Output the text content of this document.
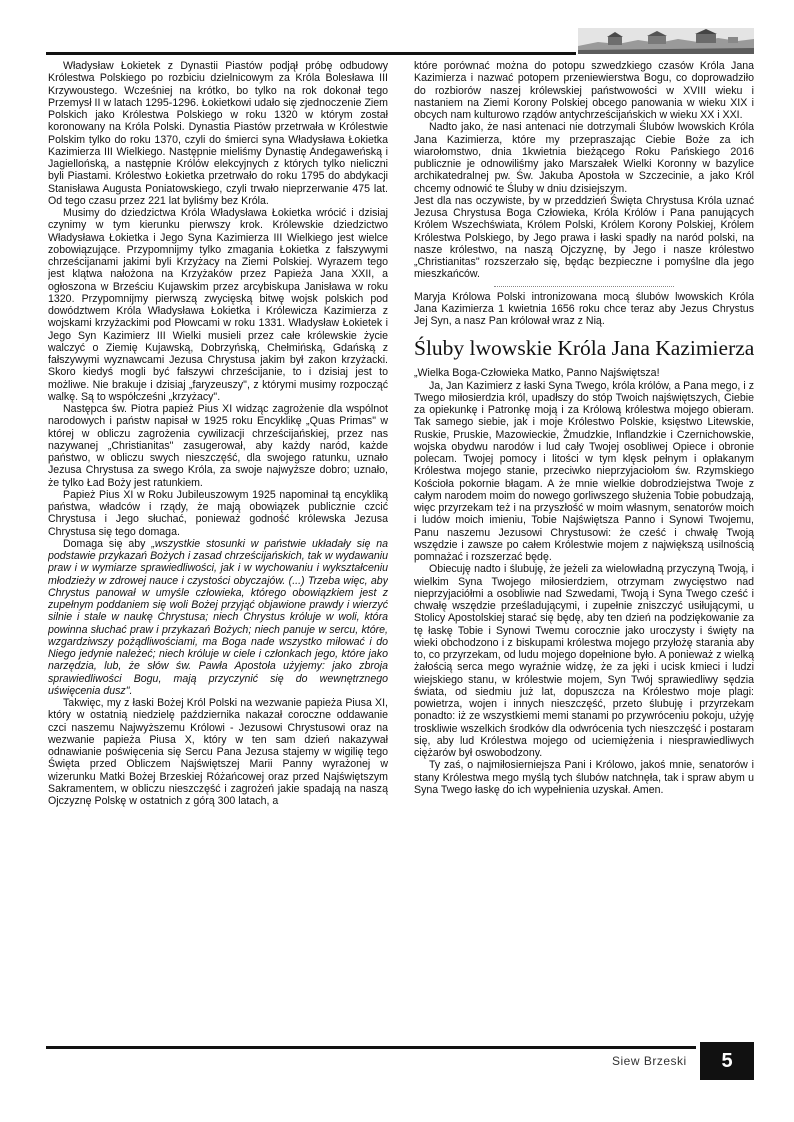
Władysław Łokietek z Dynastii Piastów podjął próbę odbudowy Królestwa Polskiego po rozbiciu dzielnicowym za Króla Bolesława III Krzywoustego. Wcześniej na krótko, bo tylko na rok dokonał tego Przemysł II w latach 1295-1296. Łokietkowi udało się zjednoczenie Ziem Polskich jako Królestwa Polskiego w roku 1320 w którym został koronowany na Króla Polski. Dynastia Piastów przetrwała w Królestwie Polskim tylko do roku 1370, czyli do śmierci syna Władysława Łokietka Kazimierza III Wielkiego. Następnie mieliśmy Dynastię Andegaweńską i Jagiellońską, a następnie Królów elekcyjnych z których tylko nieliczni byli Piastami. Królestwo Łokietka przetrwało do roku 1795 do abdykacji Stanisława Augusta Poniatowskiego, czyli trwało nieprzerwanie 475 lat. Od tego czasu przez 221 lat byliśmy bez Króla.

Musimy do dziedzictwa Króla Władysława Łokietka wrócić i dzisiaj czynimy w tym kierunku pierwszy krok. Królewskie dziedzictwo Władysława Łokietka i Jego Syna Kazimierza III Wielkiego jest wielce zobowiązujące. Przypomnijmy tylko zmagania Łokietka z fałszywymi chrześcijanami jakimi byli Krzyżacy na Ziemi Polskiej. Wyrazem tego jest klątwa nałożona na Krzyżaków przez Papieża Jana XXII, a ogłoszona w Brześciu Kujawskim przez arcybiskupa Janisława w roku 1320. Przypomnijmy pierwszą zwycięską bitwę wojsk polskich pod dowództwem Króla Władysława Łokietka i Królewicza Kazimierza z wojskami krzyżackimi pod Płowcami w roku 1331. Władysław Łokietek i Jego Syn Kazimierz III Wielki musieli przez całe królewskie życie walczyć o Ziemię Kujawską, Dobrzyńską, Chełmińską, Gdańską z fałszywymi wyznawcami Jezusa Chrystusa jakim był zakon krzyżacki. Skoro kiedyś mogli być fałszywi chrześcijanie, to i dzisiaj jest to możliwe. Nie brakuje i dzisiaj „faryzeuszy", z którymi musimy rozpocząć walkę. Są to współcześni „krzyżacy".

Następca św. Piotra papież Pius XI widząc zagrożenie dla wspólnot narodowych i państw napisał w 1925 roku Encyklikę „Quas Primas" w której w obliczu zagrożenia cywilizacji chrześcijańskiej, przez nas nazywanej „Christianitas" zasugerował, aby każdy naród, każde państwo, w obliczu swych nieszczęść, dla swojego ratunku, uznało Jezusa Chrystusa za swego Króla, za swoje najwyższe dobro; uznało, że tylko Ład Boży jest ratunkiem.

Papież Pius XI w Roku Jubileuszowym 1925 napominał tą encykliką państwa, władców i rządy, że mają obowiązek publicznie czcić Chrystusa i Jego słuchać, ponieważ godność królewska Jezusa Chrystusa się tego domaga.

Domaga się aby „wszystkie stosunki w państwie układały się na podstawie przykazań Bożych i zasad chrześcijańskich, tak w wydawaniu praw i w wymiarze sprawiedliwości, jak i w wychowaniu i wykształceniu młodzieży w zdrowej nauce i czystości obyczajów. (...) Trzeba więc, aby Chrystus panował w umyśle człowieka, którego obowiązkiem jest z zupełnym poddaniem się woli Bożej przyjąć objawione prawdy i wierzyć silnie i stale w naukę Chrystusa; niech Chrystus króluje w woli, która powinna słuchać praw i przykazań Bożych; niech panuje w sercu, które, wzgardziwszy pożądliwościami, ma Boga nade wszystko miłować i do Niego jedynie należeć; niech króluje w ciele i członkach jego, które jako narzędzia, lub, że słów św. Pawła Apostoła użyjemy: jako zbroja sprawiedliwości Bogu, mają przyczynić się do wewnętrznego uświęcenia dusz".

Takwięc, my z łaski Bożej Król Polski na wezwanie papieża Piusa XI, który w ostatnią niedzielę października nakazał coroczne oddawanie czci naszemu Najwyższemu Królowi - Jezusowi Chrystusowi oraz na wezwanie papieża Piusa X, który w ten sam dzień nakazywał odnawianie poświęcenia się Sercu Pana Jezusa stajemy w wigilię tego Święta przed Obliczem Najświętszej Marii Panny wyrażonej w wizerunku Matki Bożej Brzeskiej Różańcowej oraz przed Najświętszym Sakramentem, w obliczu nieszczęść i zagrożeń jakie spadają na naszą Ojczyznę Polskę w ostatnich z górą 300 latach, a

które porównać można do potopu szwedzkiego czasów Króla Jana Kazimierza i nazwać potopem przeniewierstwa Bogu, co doprowadziło do rozbiorów naszej królewskiej państwowości w XVIII wieku i nastaniem na Ziemi Korony Polskiej obcego panowania w wieku XIX i obcych nam kulturowo rządów antychrześcijańskich w wieku XX i XXI.

Nadto jako, że nasi antenaci nie dotrzymali Ślubów lwowskich Króla Jana Kazimierza, które my przepraszając Ciebie Boże za ich wiarołomstwo, dnia 1kwietnia bieżącego Roku Pańskiego 2016 publicznie je odnowiliśmy jako Marszałek Wielki Koronny w bazylice archikatedralnej pw. Św. Jakuba Apostoła w Szczecinie, a jako Król chcemy odnowić te Śluby w dniu dzisiejszym.

Jest dla nas oczywiste, by w przeddzień Święta Chrystusa Króla uznać Jezusa Chrystusa Boga Człowieka, Króla Królów i Pana panujących Królem Wszechświata, Królem Polski, Królem Korony Polskiej, Królem Królestwa Polskiego, by Jego prawa i łaski spadły na naród polski, na nasze królestwo, na naszą Ojczyznę, by Jego i nasze królestwo „Christianitas" rozszerzało się, będąc bezpieczne i pomyślne dla jego mieszkańców.

Maryja Królowa Polski intronizowana mocą ślubów lwowskich Króla Jana Kazimierza 1 kwietnia 1656 roku chce teraz aby Jezus Chrystus Jej Syn, a nasz Pan królował wraz z Nią.

Śluby lwowskie Króla Jana Kazimierza

„Wielka Boga-Człowieka Matko, Panno Najświętsza!

Ja, Jan Kazimierz z łaski Syna Twego, króla królów, a Pana mego, i z Twego miłosierdzia król, upadłszy do stóp Twoich najświętszych, Ciebie za opiekunkę i Patronkę moją i za Królową królestwa mojego obieram. Tak samego siebie, jak i moje Królestwo Polskie, księstwo Litewskie, Ruskie, Pruskie, Mazowieckie, Żmudzkie, Inflandzkie i Czernichowskie, wojska obydwu narodów i lud cały Twojej osobliwej Opiece i obronie polecam. Twojej pomocy i litości w tym klęsk pełnym i opłakanym Królestwa mojego stanie, przeciwko nieprzyjaciołom św. Rzymskiego Kościoła pokornie błagam. A że mnie wielkie dobrodziejstwa Twoje z całym narodem moim do nowego gorliwszego służenia Tobie pobudzają, więc przyrzekam też i na przyszłość w moim własnym, senatorów moich i ludów moich imieniu, Tobie Najświętsza Panno i Synowi Twojemu, Panu naszemu Jezusowi Chrystusowi: że cześć i chwałę Twoją wszędzie i zawsze po całem Królestwie mojem z największą usilnością pomnażać i rozszerzać będę.

Obiecuję nadto i ślubuję, że jeżeli za wielowładną przyczyną Twoją, i wielkim Syna Twojego miłosierdziem, otrzymam zwycięstwo nad nieprzyjaciółmi a osobliwie nad Szwedami, Twoją i Syna Twego cześć i chwałę wszędzie prześladującymi, i zupełnie zniszczyć usiłującymi, u Stolicy Apostolskiej starać się będę, aby ten dzień na podziękowanie za tę łaskę Tobie i Synowi Twemu corocznie jako uroczysty i święty na wieki obchodzono i z biskupami królestwa mojego przyłożę starania aby to, co przyrzekam, od ludu mojego dopełnione było. A ponieważ z wielką żałością serca mego wyraźnie widzę, że za jęki i ucisk kmieci i ludzi wiejskiego stanu, w królestwie mojem, Syn Twój sprawiedliwy sędzia świata, od siedmiu już lat, dopuszcza na Królestwo moje plagi: powietrza, wojen i innych nieszczęść, przeto ślubuję i przyrzekam ponadto: iż ze wszystkiemi memi stanami po przywróceniu pokoju, użyję troskliwie wszelkich środków dla odwrócenia tych nieszczęść i postaram się, aby lud Królestwa mojego od uciemiężenia i niesprawiedliwych ciężarów był oswobodzony.

Ty zaś, o najmiłosierniejsza Pani i Królowo, jakoś mnie, senatorów i stany Królestwa mego myślą tych ślubów natchnęła, tak i spraw abym u Syna Twego łaskę do ich wypełnienia uzyskał. Amen.

Siew Brzeski	5
